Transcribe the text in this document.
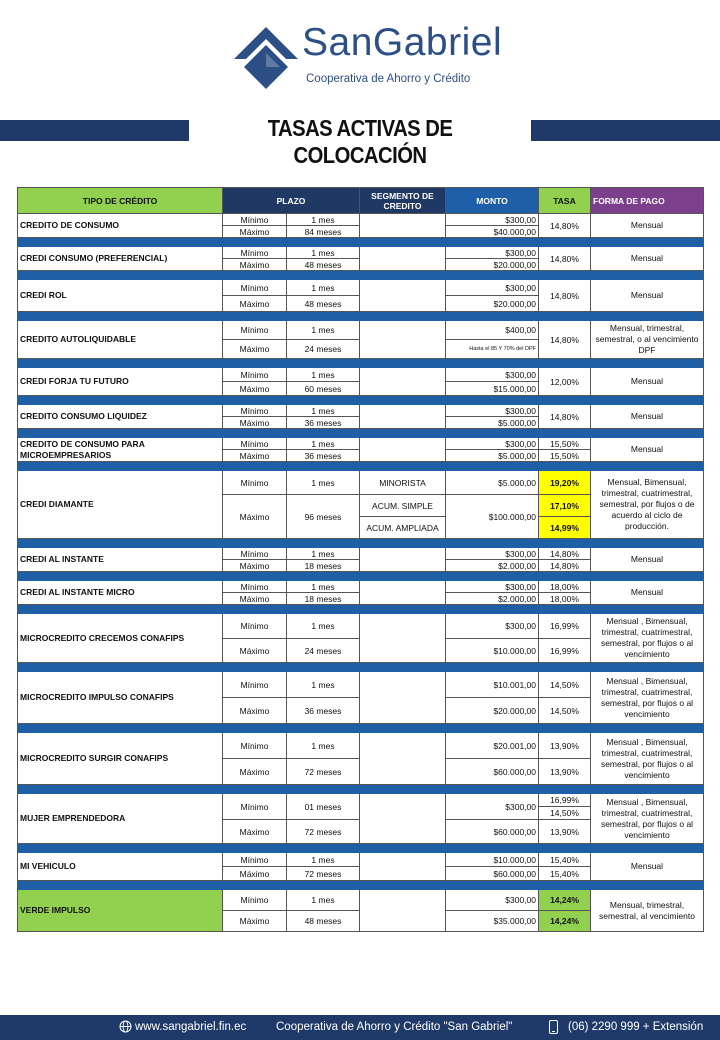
SanGabriel
Cooperativa de Ahorro y Crédito
TASAS ACTIVAS DE COLOCACIÓN
TIPO DE CRÉDITO	PLAZO		SEGMENTO DE CREDITO	MONTO	TASA	FORMA DE PAGO
CREDITO DE CONSUMO	Mínimo	1 mes		$300,00	14,80%	Mensual
	Máximo	84 meses		$40.000,00		

CREDI CONSUMO (PREFERENCIAL)	Mínimo	1 mes		$300,00	14,80%	Mensual
	Máximo	48 meses		$20.000,00		

CREDI ROL	Mínimo	1 mes		$300,00	14,80%	Mensual
	Máximo	48 meses		$20.000,00		

CREDITO AUTOLIQUIDABLE	Mínimo	1 mes		$400,00	14,80%	Mensual, trimestral, semestral, o al vencimiento DPF
	Máximo	24 meses		Hasta el 85 Y 70% del DPF		

CREDI FORJA TU FUTURO	Mínimo	1 mes		$300,00	12,00%	Mensual
	Máximo	60 meses		$15.000,00		

CREDITO CONSUMO LIQUIDEZ	Mínimo	1 mes		$300,00	14,80%	Mensual
	Máximo	36 meses		$5.000,00		

CREDITO DE CONSUMO PARA MICROEMPRESARIOS	Mínimo	1 mes		$300,00	15,50%	Mensual
	Máximo	36 meses		$5.000,00	15,50%	

CREDI DIAMANTE	Mínimo	1 mes	MINORISTA	$5.000,00	19,20%	Mensual, Bimensual, trimestral, cuatrimestral, semestral, por flujos o de acuerdo al ciclo de producción.
	Máximo	96 meses	ACUM. SIMPLE	$100.000,00	17,10%	
			ACUM. AMPLIADA		14,99%	

CREDI AL INSTANTE	Mínimo	1 mes		$300,00	14,80%	Mensual
	Máximo	18 meses		$2.000,00	14,80%	

CREDI AL INSTANTE MICRO	Mínimo	1 mes		$300,00	18,00%	Mensual
	Máximo	18 meses		$2.000,00	18,00%	

MICROCREDITO CRECEMOS CONAFIPS	Mínimo	1 mes		$300,00	16,99%	Mensual , Bimensual, trimestral, cuatrimestral, semestral, por flujos o al vencimiento
	Máximo	24 meses		$10.000,00	16,99%	

MICROCREDITO IMPULSO CONAFIPS	Mínimo	1 mes		$10.001,00	14,50%	Mensual , Bimensual, trimestral, cuatrimestral, semestral, por flujos o al vencimiento
	Máximo	36 meses		$20.000,00	14,50%	

MICROCREDITO SURGIR CONAFIPS	Mínimo	1 mes		$20.001,00	13,90%	Mensual , Bimensual, trimestral, cuatrimestral, semestral, por flujos o al vencimiento
	Máximo	72 meses		$60.000,00	13,90%	

MUJER EMPRENDEDORA	Mínimo	01 meses		$300,00	16,99%	Mensual , Bimensual, trimestral, cuatrimestral, semestral, por flujos o al vencimiento
					14,50%	
	Máximo	72 meses		$60.000,00	13,90%	

MI VEHICULO	Mínimo	1 mes		$10.000,00	15,40%	Mensual
	Máximo	72 meses		$60.000,00	15,40%	

VERDE IMPULSO	Mínimo	1 mes		$300,00	14,24%	Mensual, trimestral, semestral, al vencimiento
	Máximo	48 meses		$35.000,00	14,24%	
www.sangabriel.fin.ec	Cooperativa de Ahorro y Crédito "San Gabriel"	(06) 2290 999 + Extensión
